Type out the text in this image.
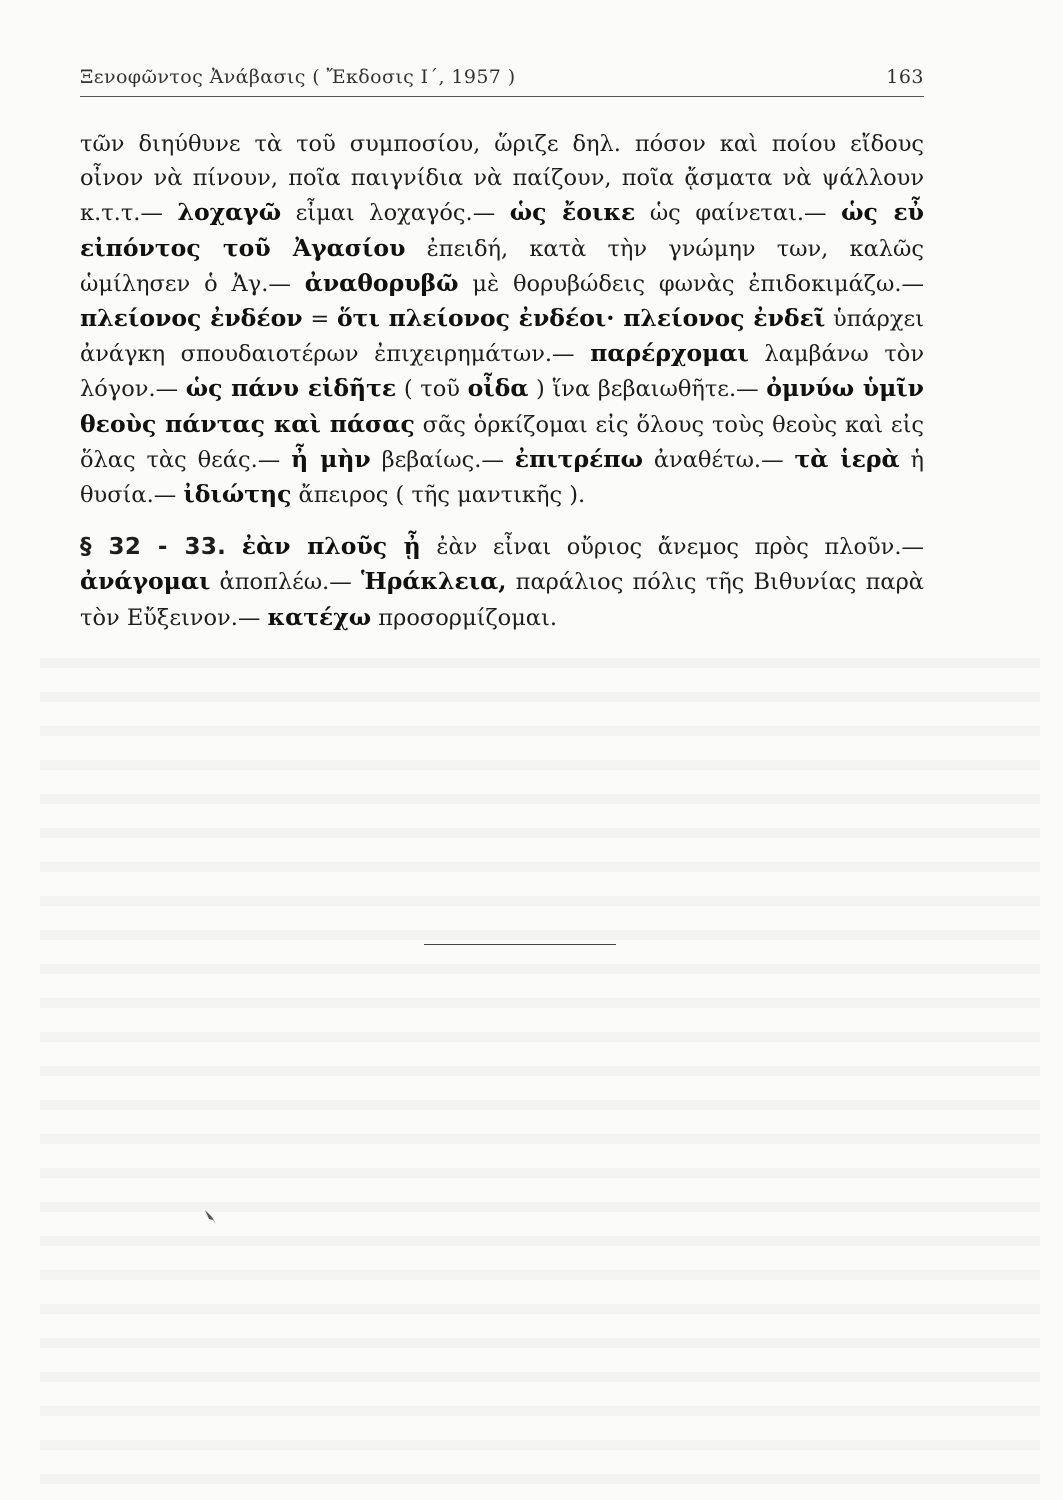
Ξενοφῶντος Ἀνάβασις ( Ἔκδοσις Ι΄, 1957 )	163

τῶν διηύθυνε τὰ τοῦ συμποσίου, ὥριζε δηλ. πόσον καὶ ποίου εἴδους οἶνον νὰ πίνουν, ποῖα παιγνίδια νὰ παίζουν, ποῖα ᾄσματα νὰ ψάλλουν κ.τ.τ.— λοχαγῶ εἶμαι λοχαγός.— ὡς ἔοικε ὡς φαίνεται.— ὡς εὖ εἰπόντος τοῦ Ἀγασίου ἐπειδή, κατὰ τὴν γνώμην των, καλῶς ὡμίλησεν ὁ Ἀγ.— ἀναθορυβῶ μὲ θορυβώδεις φωνὰς ἐπιδοκιμάζω.— πλείονος ἐνδέον = ὅτι πλείονος ἐνδέοι· πλείονος ἐνδεῖ ὑπάρχει ἀνάγκη σπουδαιοτέρων ἐπιχειρημάτων.— παρέρχομαι λαμβάνω τὸν λόγον.— ὡς πάνυ εἰδῆτε ( τοῦ οἶδα ) ἵνα βεβαιωθῆτε.— ὀμνύω ὑμῖν θεοὺς πάντας καὶ πάσας σᾶς ὁρκίζομαι εἰς ὅλους τοὺς θεοὺς καὶ εἰς ὅλας τὰς θεάς.— ἦ μὴν βεβαίως.— ἐπιτρέπω ἀναθέτω.— τὰ ἱερὰ ἡ θυσία.— ἰδιώτης ἄπειρος ( τῆς μαντικῆς ).

§ 32 - 33. ἐὰν πλοῦς ᾖ ἐὰν εἶναι οὔριος ἄνεμος πρὸς πλοῦν.— ἀνάγομαι ἀποπλέω.— Ἡράκλεια, παράλιος πόλις τῆς Βιθυνίας παρὰ τὸν Εὔξεινον.— κατέχω προσορμίζομαι.
